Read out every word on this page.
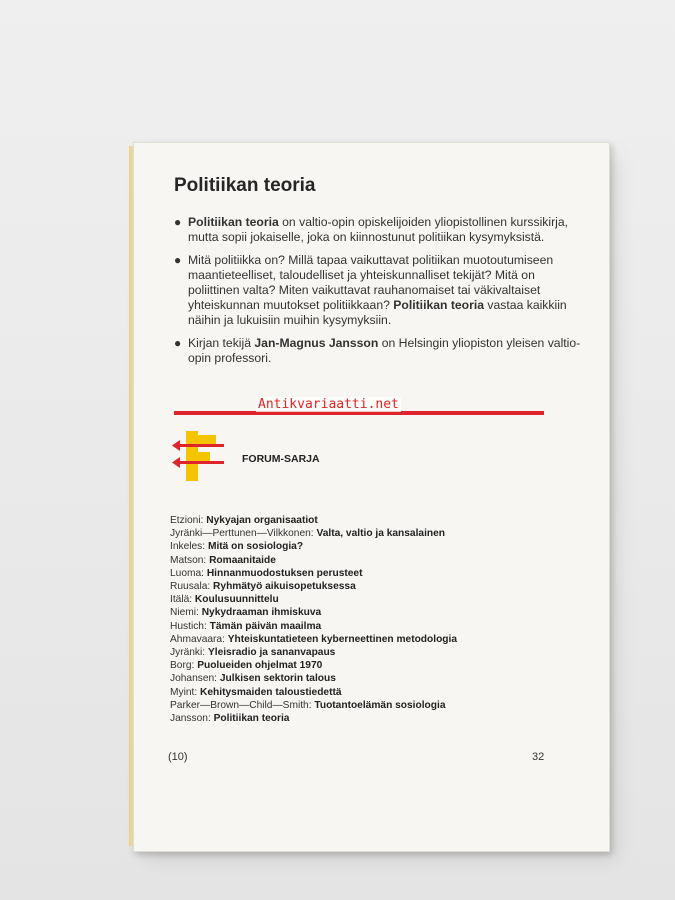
Politiikan teoria
● Politiikan teoria on valtio-opin opiskelijoiden yliopistollinen kurssikirja, mutta sopii jokaiselle, joka on kiinnostunut politiikan kysymyksistä.
● Mitä politiikka on? Millä tapaa vaikuttavat politiikan muotoutumiseen maantieteelliset, taloudelliset ja yhteiskunnalliset tekijät? Mitä on poliittinen valta? Miten vaikuttavat rauhanomaiset tai väkivaltaiset yhteiskunnan muutokset politiikkaan? Politiikan teoria vastaa kaikkiin näihin ja lukuisiin muihin kysymyksiin.
● Kirjan tekijä Jan-Magnus Jansson on Helsingin yliopiston yleisen valtio-opin professori.
Antikvariaatti.net
FORUM-SARJA
Etzioni: Nykyajan organisaatiot
Jyränki—Perttunen—Vilkkonen: Valta, valtio ja kansalainen
Inkeles: Mitä on sosiologia?
Matson: Romaanitaide
Luoma: Hinnanmuodostuksen perusteet
Ruusala: Ryhmätyö aikuisopetuksessa
Itälä: Koulusuunnittelu
Niemi: Nykydraaman ihmiskuva
Hustich: Tämän päivän maailma
Ahmavaara: Yhteiskuntatieteen kyberneettinen metodologia
Jyränki: Yleisradio ja sananvapaus
Borg: Puolueiden ohjelmat 1970
Johansen: Julkisen sektorin talous
Myint: Kehitysmaiden taloustiedettä
Parker—Brown—Child—Smith: Tuotantoelämän sosiologia
Jansson: Politiikan teoria
(10)	32
